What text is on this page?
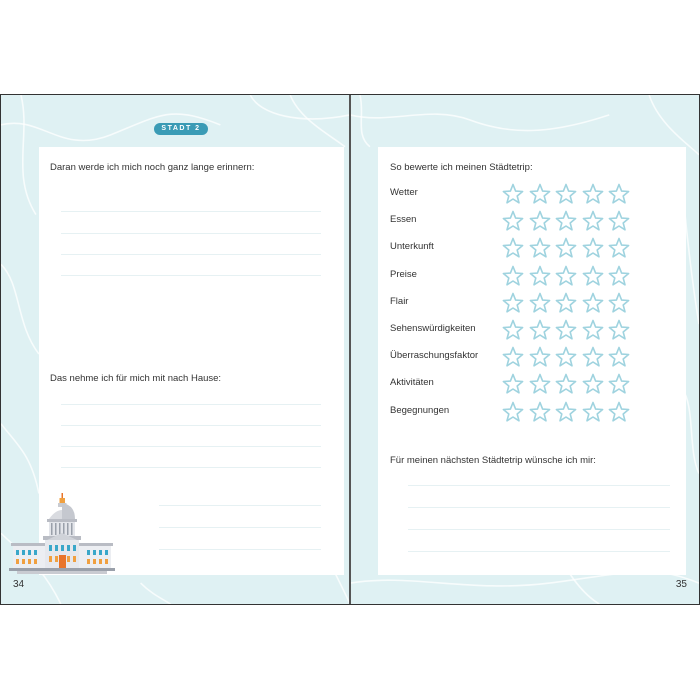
STADT 2
Daran werde ich mich noch ganz lange erinnern:
Das nehme ich für mich mit nach Hause:
34
So bewerte ich meinen Städtetrip:
Wetter
Essen
Unterkunft
Preise
Flair
Sehenswürdigkeiten
Überraschungsfaktor
Aktivitäten
Begegnungen
Für meinen nächsten Städtetrip wünsche ich mir:
35
